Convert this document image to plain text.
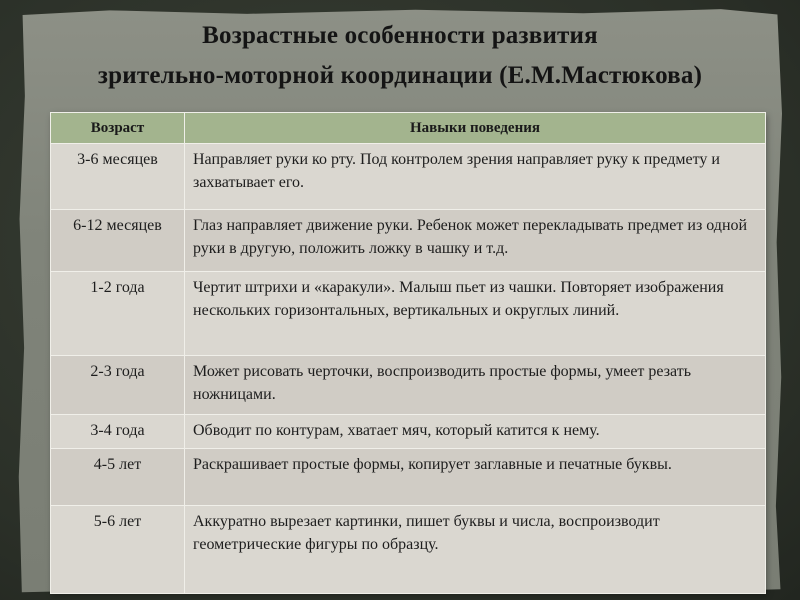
Возрастные особенности развития
зрительно-моторной координации (Е.М.Мастюкова)
Возраст	Навыки поведения
3-6 месяцев	Направляет руки ко рту. Под контролем зрения направляет руку к предмету и захватывает его.
6-12 месяцев	Глаз направляет движение руки. Ребенок может перекладывать предмет из одной руки в другую, положить ложку в чашку и т.д.
1-2 года	Чертит штрихи и «каракули». Малыш пьет из чашки. Повторяет изображения нескольких горизонтальных, вертикальных и округлых линий.
2-3 года	Может рисовать черточки, воспроизводить простые формы, умеет резать ножницами.
3-4 года	Обводит по контурам, хватает мяч, который катится к нему.
4-5 лет	Раскрашивает простые формы, копирует заглавные и печатные буквы.
5-6 лет	Аккуратно вырезает картинки, пишет буквы и числа, воспроизводит геометрические фигуры по образцу.
